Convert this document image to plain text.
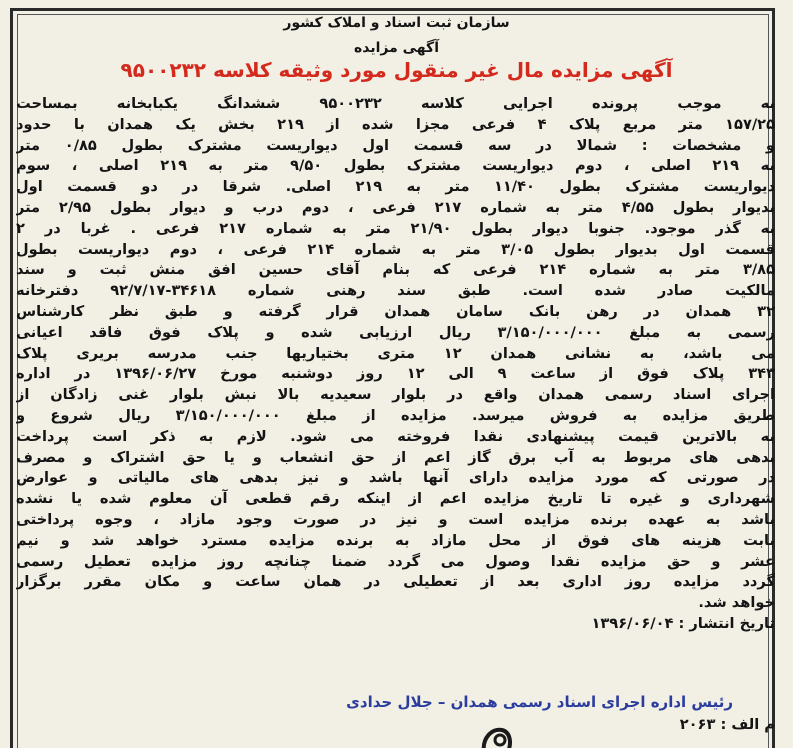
سازمان ثبت اسناد و املاک کشور
آگهی مزایده
آگهی مزایده مال غیر منقول مورد وثیقه کلاسه ۹۵۰۰۲۳۲
به موجب پرونده اجرایی کلاسه ۹۵۰۰۲۳۲ ششدانگ یکبابخانه بمساحت
۱۵۷/۲۵ متر مربع پلاک ۴ فرعی مجزا شده از ۲۱۹ بخش یک همدان با حدود
و مشخصات : شمالا در سه قسمت اول دیواریست مشترک بطول ۰/۸۵ متر
به ۲۱۹ اصلی ، دوم دیواریست مشترک بطول ۹/۵۰ متر به ۲۱۹ اصلی ، سوم
دیواریست مشترک بطول ۱۱/۴۰ متر به ۲۱۹ اصلی. شرقا در دو قسمت اول
بدیوار بطول ۴/۵۵ متر به شماره ۲۱۷ فرعی ، دوم درب و دیوار بطول ۲/۹۵ متر
به گذر موجود. جنوبا دیوار بطول ۲۱/۹۰ متر به شماره ۲۱۷ فرعی . غربا در ۲
قسمت اول بدیوار بطول ۳/۰۵ متر به شماره ۲۱۴ فرعی ، دوم دیواریست بطول
۳/۸۵ متر به شماره ۲۱۴ فرعی که بنام آقای حسین افق منش ثبت و سند
مالکیت صادر شده است. طبق سند رهنی شماره ۳۴۶۱۸-۹۲/۷/۱۷ دفترخانه
۳۲ همدان در رهن بانک سامان همدان قرار گرفته و طبق نظر کارشناس
رسمی به مبلغ ۳/۱۵۰/۰۰۰/۰۰۰ ریال ارزیابی شده و پلاک فوق فاقد اعیانی
می باشد، به نشانی همدان ۱۲ متری بختیاریها جنب مدرسه بریری پلاک
۳۴۳ پلاک فوق از ساعت ۹ الی ۱۲ روز دوشنبه مورخ ۱۳۹۶/۰۶/۲۷ در اداره
اجرای اسناد رسمی همدان واقع در بلوار سعیدیه بالا نبش بلوار غنی زادگان از
طریق مزایده به فروش میرسد. مزایده از مبلغ ۳/۱۵۰/۰۰۰/۰۰۰ ریال شروع و
به بالاترین قیمت پیشنهادی نقدا فروخته می شود. لازم به ذکر است پرداخت
بدهی های مربوط به آب برق گاز اعم از حق انشعاب و یا حق اشتراک و مصرف
در صورتی که مورد مزایده دارای آنها باشد و نیز بدهی های مالیاتی و عوارض
شهرداری و غیره تا تاریخ مزایده اعم از اینکه رقم قطعی آن معلوم شده یا نشده
باشد به عهده برنده مزایده است و نیز در صورت وجود مازاد ، وجوه پرداختی
بابت هزینه های فوق از محل مازاد به برنده مزایده مسترد خواهد شد و نیم
عشر و حق مزایده نقدا وصول می گردد ضمنا چنانچه روز مزایده تعطیل رسمی
گردد مزایده روز اداری بعد از تعطیلی در همان ساعت و مکان مقرر برگزار
خواهد شد.
تاریخ انتشار : ۱۳۹۶/۰۶/۰۴
رئیس اداره اجرای اسناد رسمی همدان – جلال حدادی
م الف : ۲۰۶۳
